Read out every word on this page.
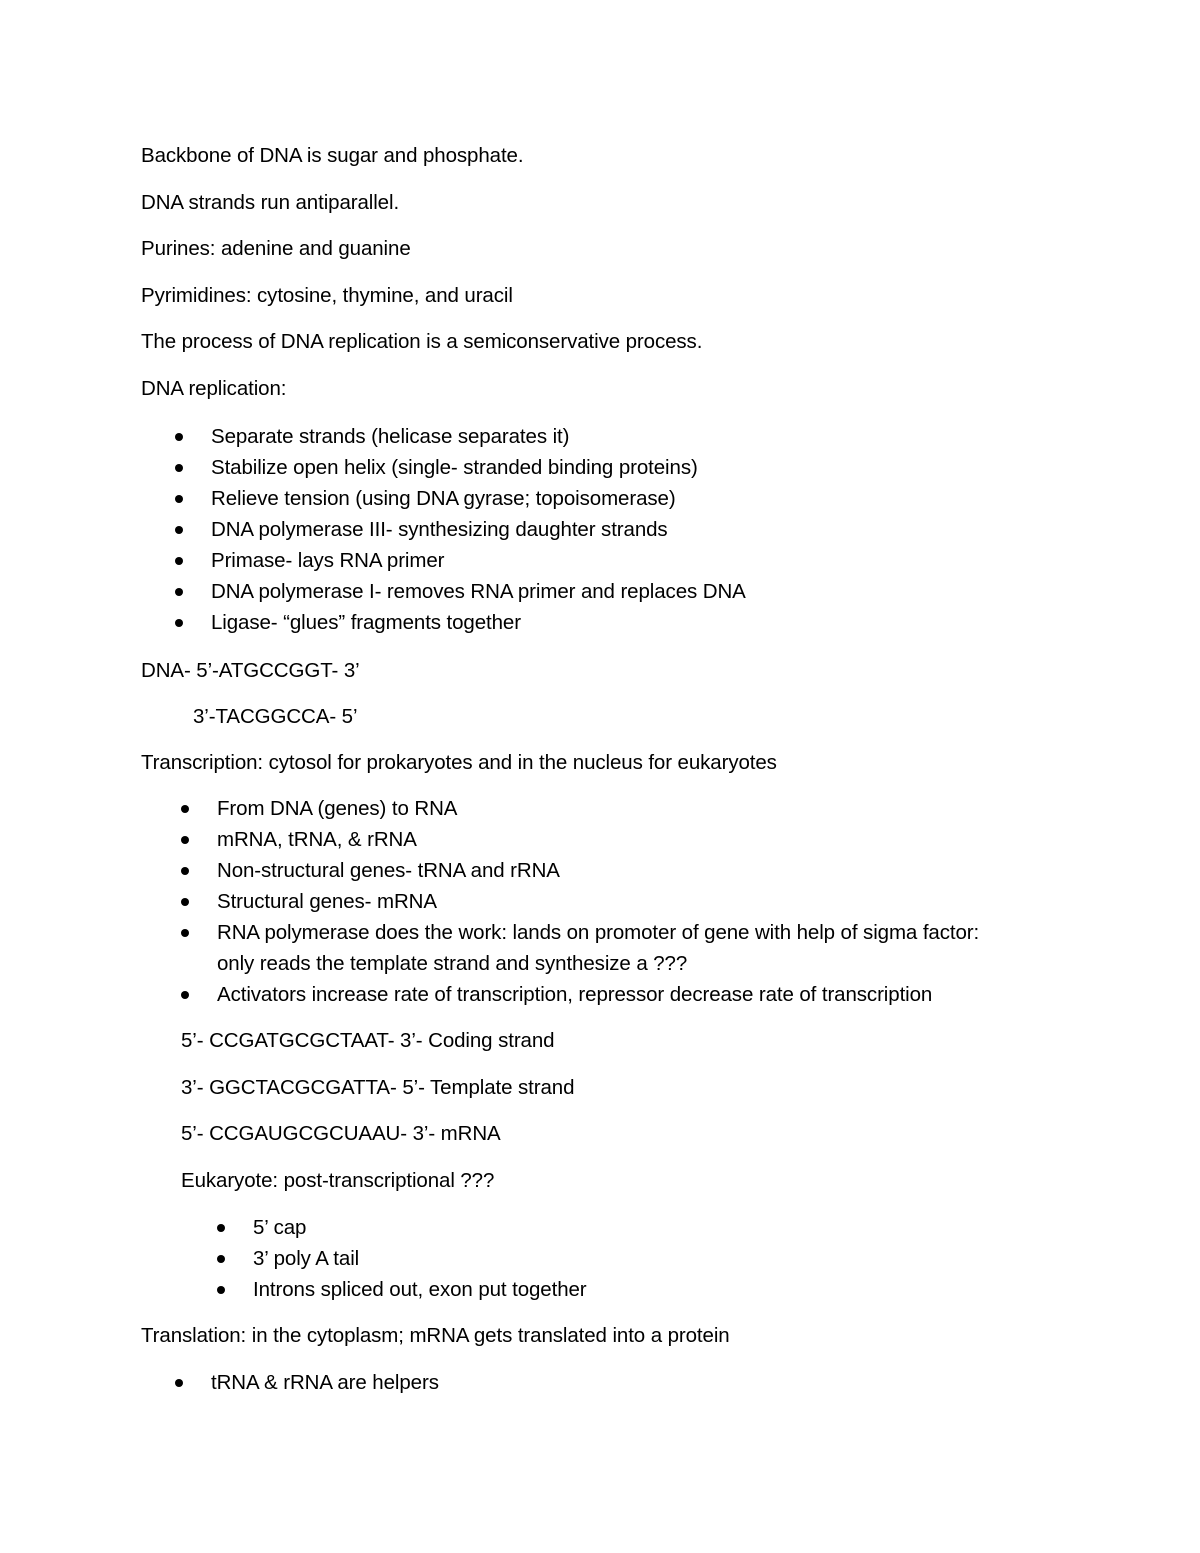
Backbone of DNA is sugar and phosphate.
DNA strands run antiparallel.
Purines: adenine and guanine
Pyrimidines: cytosine, thymine, and uracil
The process of DNA replication is a semiconservative process.
DNA replication:
Separate strands (helicase separates it)
Stabilize open helix (single- stranded binding proteins)
Relieve tension (using DNA gyrase; topoisomerase)
DNA polymerase III- synthesizing daughter strands
Primase- lays RNA primer
DNA polymerase I- removes RNA primer and replaces DNA
Ligase- “glues” fragments together
DNA- 5’-ATGCCGGT- 3’
3’-TACGGCCA- 5’
Transcription: cytosol for prokaryotes and in the nucleus for eukaryotes
From DNA (genes) to RNA
mRNA, tRNA, & rRNA
Non-structural genes- tRNA and rRNA
Structural genes- mRNA
RNA polymerase does the work: lands on promoter of gene with help of sigma factor:
only reads the template strand and synthesize a ???
Activators increase rate of transcription, repressor decrease rate of transcription
5’- CCGATGCGCTAAT- 3’- Coding strand
3’- GGCTACGCGATTA- 5’- Template strand
5’- CCGAUGCGCUAAU- 3’- mRNA
Eukaryote: post-transcriptional ???
5’ cap
3’ poly A tail
Introns spliced out, exon put together
Translation: in the cytoplasm; mRNA gets translated into a protein
tRNA & rRNA are helpers
